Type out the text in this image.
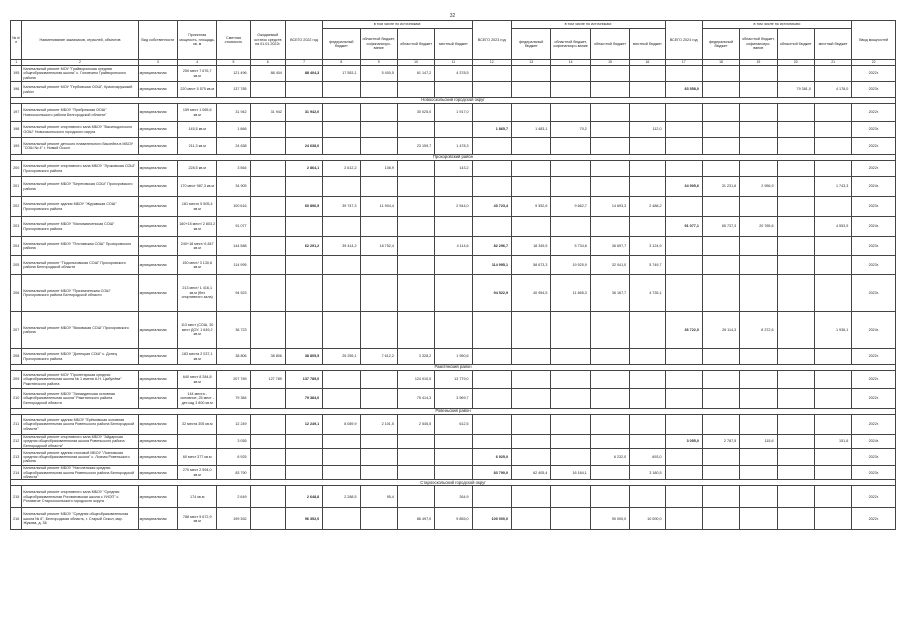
32
№ п/п	Наименование заказчиков, отраслей, объектов	Вид собственности	Проектная мощность, площадь, кв. м	Сметная стоимость	Ожидаемый остаток средств на 01.01.2022г.	ВСЕГО 2022 год	в том числе по источникам:				ВСЕГО 2023 год	в том числе по источникам:				ВСЕГО 2024 год	в том числе по источникам:				Ввод мощностей
							федеральный бюджет	областной бюджет, софинансиро-вание	областной бюджет	местный бюджет		федеральный бюджет	областной бюджет, софинансиро-вание	областной бюджет	местный бюджет		федеральный бюджет	областной бюджет, софинансиро-вание	областной бюджет	местный бюджет	
1	2	3	4	5	6	7	8	9	10	11	12	13	14	15	16	17	18	19	20	21	22
195	Капитальный ремонт МОУ "Грайворонская средняя общеобразовательная школа" с. Головчино Грайворонского района	муниципальная	250 мест 7 676,7 кв.м	121 496	88 404	88 404,3	17 553,1	5 400,5	61 147,2	4 378,5											2022г.
196	Капитальный ремонт МОУ "Гербовская ООШ", Краснояружский район	муниципальная	220 мест 5 575 кв.м	137 785												83 558,0			79 381,0	4 178,0	2023г.
Новооскольский городской округ																					
197	Капитальный ремонт МБОУ "Прибрежная ООШ" Новооскольского района Белгородской области"	муниципальная	159 мест 1 065,6 кв.м	31 942	31 942	31 942,0			30 025,0	1 917,0											2022г.
198	Капитальный ремонт спортивного зала МБОУ "Васильдолского ООШ" Новооскольского городского округа	муниципальная	145,5 кв.м	1 866							1 865,7	1 483,1	70,2		112,0						2023г.
199	Капитальный ремонт детского плавательного бассейна в МБОУ "СОШ № 4" г. Новый Оскол	муниципальная	211,3 кв.м	24 638		24 638,0			23 159,7	1 478,3											2022г.
Прохоровский район																					
200	Капитальный ремонт спортивного зала МБОУ "Лучковская СОШ" Прохоровского района	муниципальная	228,5 кв.м	3 564		2 864,1	2 612,2	108,9		143,2											2022г.
201	Капитальный ремонт МБОУ "Береговская СОШ" Прохоровского района	муниципальная	170 мест 987,3 кв.м	34 905												34 905,6	31 231,6	2 956,9		1 743,3	2024г.
202	Капитальный ремонт здания МБОУ "Журавская СОШ" Прохоровского района	муниципальная	181 место 5 505,4 кв.м	100 616		60 896,5	39 747,3	11 904,4		2 544,0	40 723,4	9 352,6	9 662,7	14 693,3	2 488,2						2023г.
203	Капитальный ремонт МБОУ "Маломаяченская СОШ" Прохоровского района	муниципальная	160+15 мест/ 2 803,2 кв.м	91 077												91 077,1	65 737,3	20 765,6		4 553,9	2024г.
204	Капитальный ремонт МБОУ "Плотавская СОШ" Прохоровского района	муниципальная	240+18 мест/ 6 847 кв.м	144 588		62 291,2	39 414,2	18 752,4		4 114,6	82 296,7	18 349,5	5 734,6	36 697,7	3 124,9						2023г.
205	Капитальный ремонт "Подольховская СОШ" Прохоровского района Белгородской области	муниципальная	150 мест/ 3 130,6 кв.м	114 995							114 995,1	58 673,3	19 525,9	32 041,0	5 749,7						2023г.
206	Капитальный ремонт МБОУ "Призначенская СОШ" Прохоровского района Белгородской области	муниципальная	213 мест/ 1 416,1 кв.м (без спортивного зала)	94 523							94 522,9	40 954,5	11 665,3	36 167,7	4 735,1						2023г.
207	Капитальный ремонт МБОУ "Вязовская СОШ" Прохоровского района	муниципальная	113 мест (СОШ, 30 мест ДОУ, 1 649,2 кв.м	36 723												36 722,0	26 114,3	8 372,6		1 936,1	2024г.
208	Капитальный ремонт МБОУ "Донецкая СОШ" с. Донец Прохоровского района	муниципальная	183 места 2 037,1 кв.м	38 806	38 806	38 805,5	25 255,1	7 612,2	3 328,2	1 950,6											2022г.
Ракитянский район																					
209	Капитальный ремонт МОУ "Пролетарская средняя общеобразовательная школа № 1 имени А.Н. Цыбулёва" Ракитянского района	муниципальная	640 мест 8 284,8 кв.м	207 789	127 789	137 789,0			124 010,0	13 779,0											2022г.
210	Капитальный ремонт МБОУ "Зинаидинская основная общеобразовательная школа" Ракитянского района Белгородской области	муниципальная	144 места - основное; 25 мест - дет.сад 3 800 кв.м	79 384		79 384,0			75 414,3	3 969,7											2022г.
Ровеньский район																					
211	Капитальный ремонт здания МБОУ "Ерёмовская основная общеобразовательная школа Ровеньского района Белгородской области"	муниципальная	32 места 305 кв.м	12 249		12 249,1	8 089,9	2 101,5	2 545,5	612,5											2022г.
212	Капитальный ремонт спортивного зала МБОУ "Айдарская средняя общеобразовательная школа Ровеньского района Белгородской области"	муниципальная		3 055												3 055,0	2 787,5	115,6		151,6	2024г.
213	Капитальный ремонт здания столовой МБОУ "Лозновская средняя общеобразовательная школа" с. Лозная Ровеньского района	муниципальная	60 мест 377 кв.м	6 925							6 925,0			6 232,0	693,0						2023г.
214	Капитальный ремонт МБОУ "Наголенская средняя общеобразовательная школа Ровеньского района Белгородской области"	муниципальная	270 мест 2 594,0 кв.м	83 790							83 790,0	62 405,4	16 184,1		3 180,5						2023г.
Старооскольский городской округ																					
215	Капитальный ремонт спортивного зала МБОУ "Средняя общеобразовательная Роговатовская школа с УИОП" с. Роговатое Старооскольского городского округа	муниципальная	174 кв.м	2 649		2 648,8	2 288,5	95,4		264,9											2022г.
216	Капитальный ремонт МБОУ "Средняя общеобразовательная школа № 6", Белгородская область, г. Старый Оскол, мкр. Жукова, д. 36	муниципальная	788 мест 5 672,9 кв.м	199 352		96 352,0			86 497,0	9 855,0	100 000,0			90 000,0	10 000,0						2022г.
